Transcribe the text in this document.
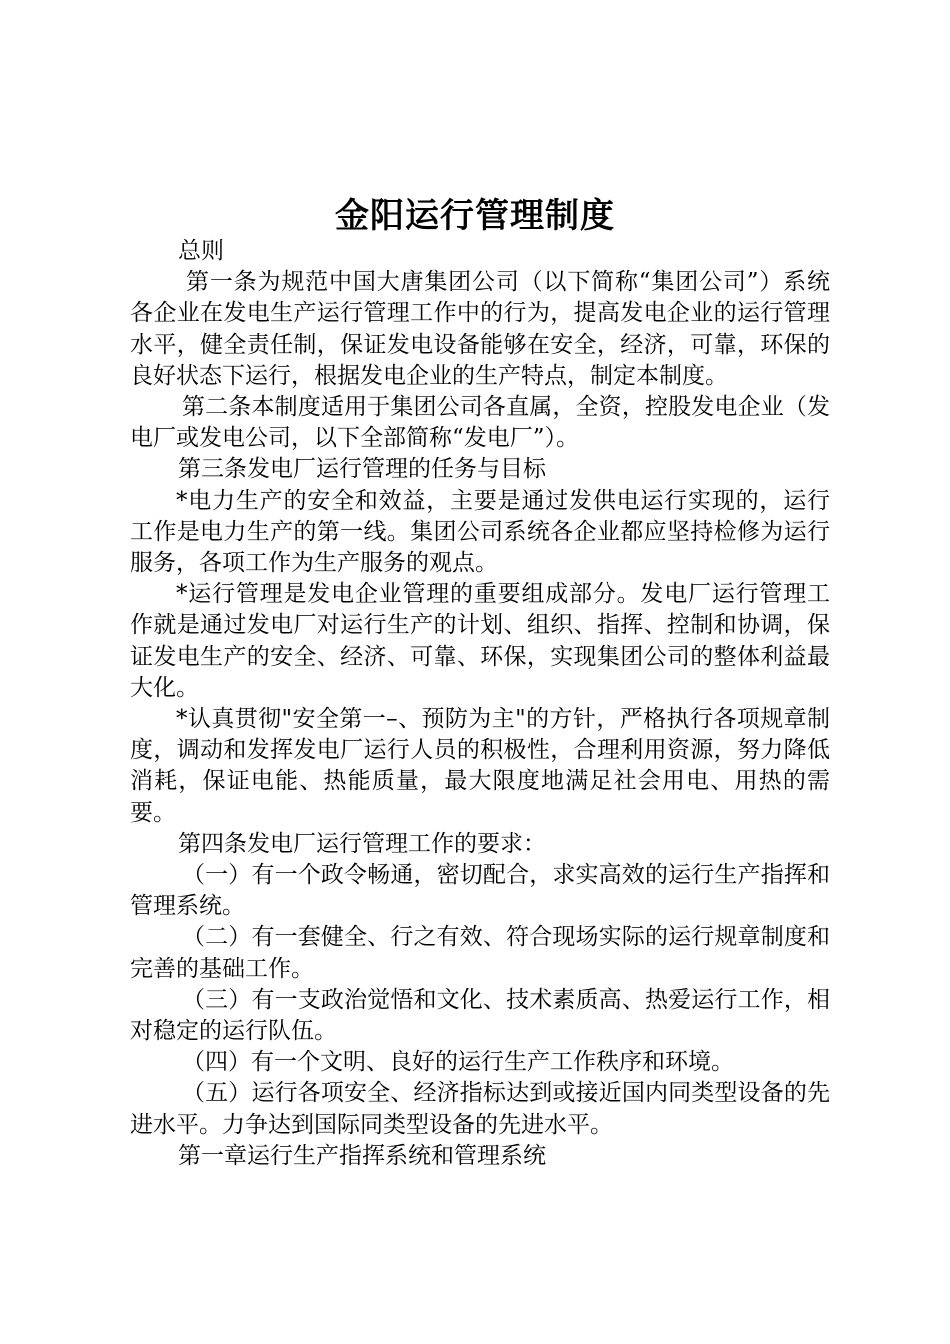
金阳运行管理制度

总则

第一条为规范中国大唐集团公司（以下简称“集团公司”）系统各企业在发电生产运行管理工作中的行为，提高发电企业的运行管理水平，健全责任制，保证发电设备能够在安全，经济，可靠，环保的良好状态下运行，根据发电企业的生产特点，制定本制度。

第二条本制度适用于集团公司各直属，全资，控股发电企业（发电厂或发电公司，以下全部简称“发电厂”）。

第三条发电厂运行管理的任务与目标

*电力生产的安全和效益，主要是通过发供电运行实现的，运行工作是电力生产的第一线。集团公司系统各企业都应坚持检修为运行服务，各项工作为生产服务的观点。

*运行管理是发电企业管理的重要组成部分。发电厂运行管理工作就是通过发电厂对运行生产的计划、组织、指挥、控制和协调，保证发电生产的安全、经济、可靠、环保，实现集团公司的整体利益最大化。

*认真贯彻"安全第一–、预防为主"的方针，严格执行各项规章制度，调动和发挥发电厂运行人员的积极性，合理利用资源，努力降低消耗，保证电能、热能质量，最大限度地满足社会用电、用热的需要。

第四条发电厂运行管理工作的要求：

（一）有一个政令畅通，密切配合，求实高效的运行生产指挥和管理系统。

（二）有一套健全、行之有效、符合现场实际的运行规章制度和完善的基础工作。

（三）有一支政治觉悟和文化、技术素质高、热爱运行工作，相对稳定的运行队伍。

（四）有一个文明、良好的运行生产工作秩序和环境。

（五）运行各项安全、经济指标达到或接近国内同类型设备的先进水平。力争达到国际同类型设备的先进水平。

第一章运行生产指挥系统和管理系统
